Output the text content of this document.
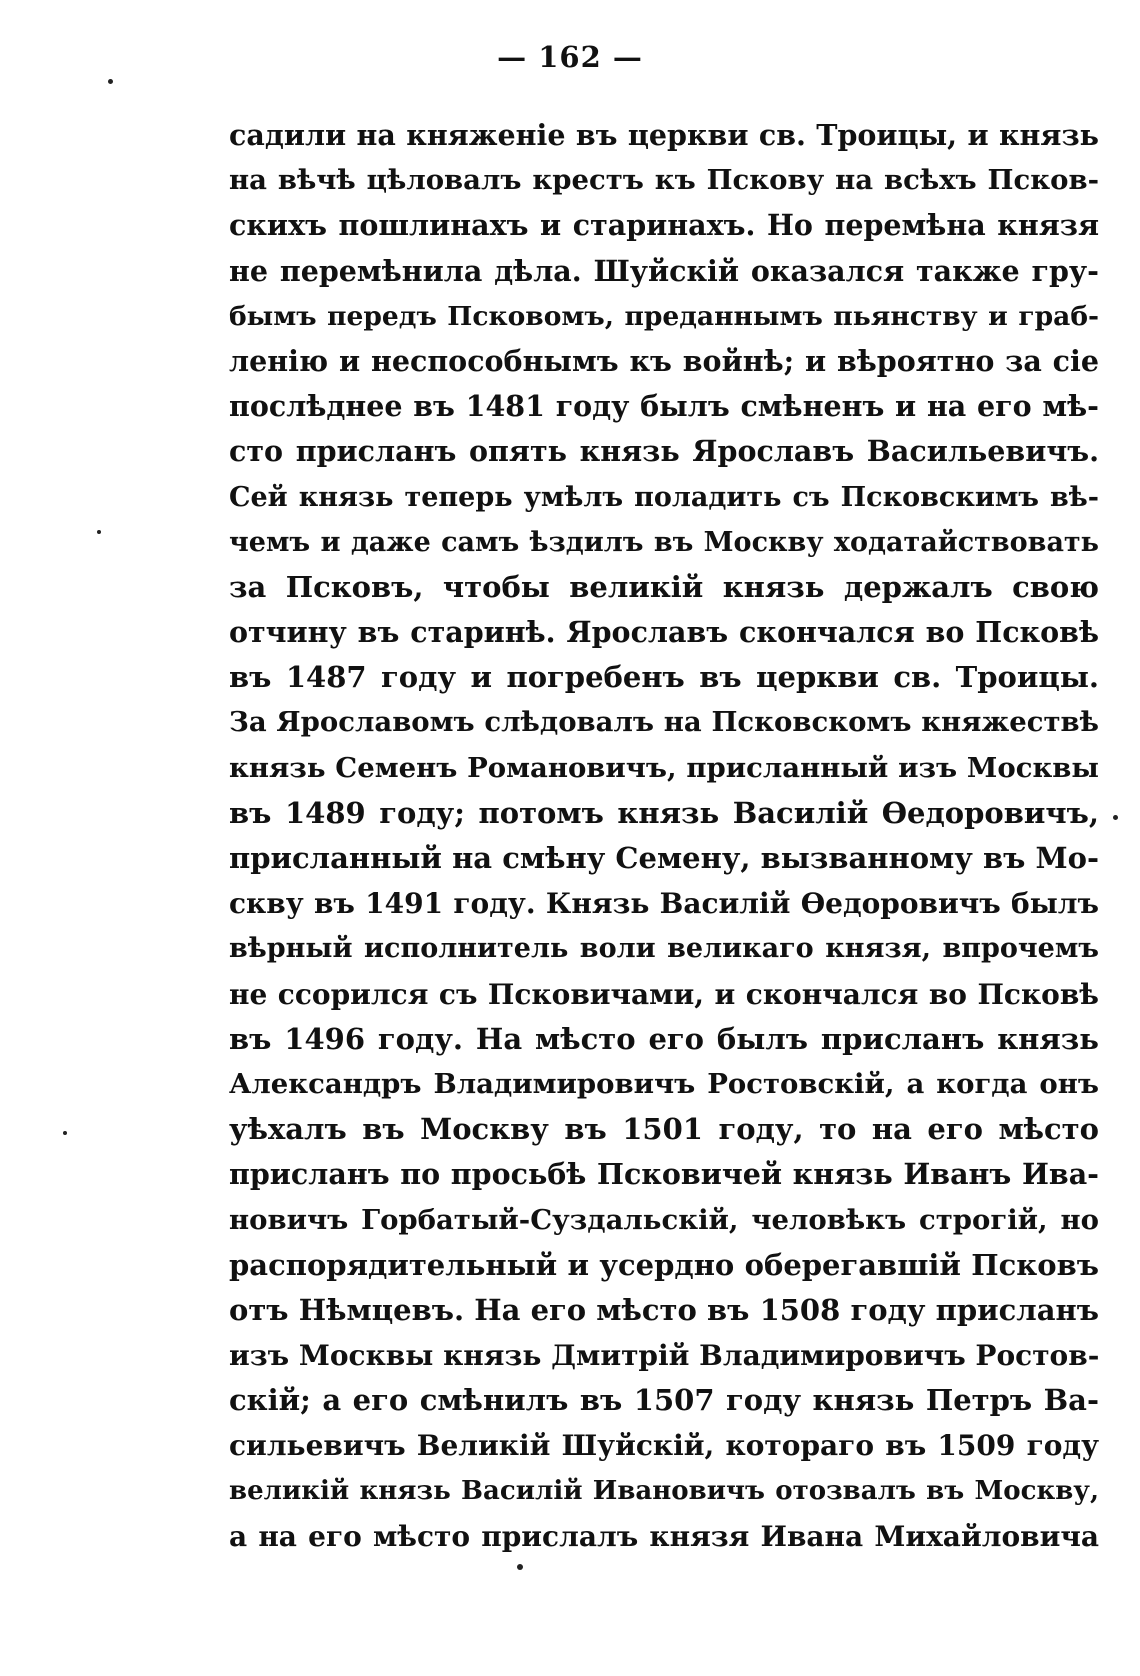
— 162 —
садили на княженіе въ церкви св. Троицы, и князь
на вѣчѣ цѣловалъ крестъ къ Пскову на всѣхъ Псков-
скихъ пошлинахъ и старинахъ. Но перемѣна князя
не перемѣнила дѣла. Шуйскій оказался также гру-
бымъ передъ Псковомъ, преданнымъ пьянству и граб-
ленію и неспособнымъ къ войнѣ; и вѣроятно за сіе
послѣднее въ 1481 году былъ смѣненъ и на его мѣ-
сто присланъ опять князь Ярославъ Васильевичъ.
Сей князь теперь умѣлъ поладить съ Псковскимъ вѣ-
чемъ и даже самъ ѣздилъ въ Москву ходатайствовать
за Псковъ, чтобы великій князь держалъ свою
отчину въ старинѣ. Ярославъ скончался во Псковѣ
въ 1487 году и погребенъ въ церкви св. Троицы.
За Ярославомъ слѣдовалъ на Псковскомъ княжествѣ
князь Семенъ Романовичъ, присланный изъ Москвы
въ 1489 году; потомъ князь Василій Ѳедоровичъ,
присланный на смѣну Семену, вызванному въ Мо-
скву въ 1491 году. Князь Василій Ѳедоровичъ былъ
вѣрный исполнитель воли великаго князя, впрочемъ
не ссорился съ Псковичами, и скончался во Псковѣ
въ 1496 году. На мѣсто его былъ присланъ князь
Александръ Владимировичъ Ростовскій, а когда онъ
уѣхалъ въ Москву въ 1501 году, то на его мѣсто
присланъ по просьбѣ Псковичей князь Иванъ Ива-
новичъ Горбатый-Суздальскій, человѣкъ строгій, но
распорядительный и усердно оберегавшій Псковъ
отъ Нѣмцевъ. На его мѣсто въ 1508 году присланъ
изъ Москвы князь Дмитрій Владимировичъ Ростов-
скій; а его смѣнилъ въ 1507 году князь Петръ Ва-
сильевичъ Великій Шуйскій, котораго въ 1509 году
великій князь Василій Ивановичъ отозвалъ въ Москву,
а на его мѣсто прислалъ князя Ивана Михайловича
